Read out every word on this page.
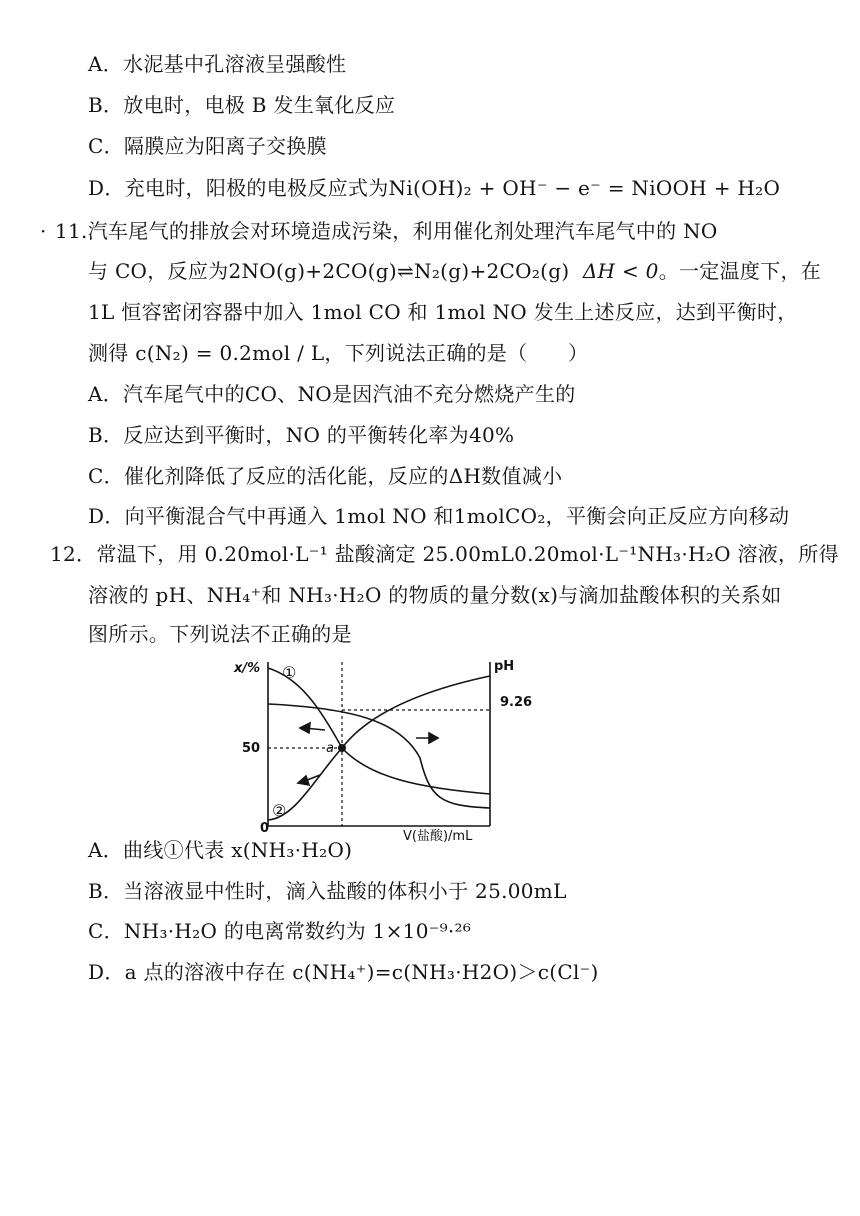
A．水泥基中孔溶液呈强酸性
B．放电时，电极 B 发生氧化反应
C．隔膜应为阳离子交换膜
D．充电时，阳极的电极反应式为Ni(OH)₂ + OH⁻ − e⁻ = NiOOH + H₂O
· 11.汽车尾气的排放会对环境造成污染，利用催化剂处理汽车尾气中的 NO
与 CO，反应为2NO(g)+2CO(g)⇌N₂(g)+2CO₂(g) ΔH < 0。一定温度下，在
1L 恒容密闭容器中加入 1mol CO 和 1mol NO 发生上述反应，达到平衡时，
测得 c(N₂) = 0.2mol / L，下列说法正确的是（　　）
A．汽车尾气中的CO、NO是因汽油不充分燃烧产生的
B．反应达到平衡时，NO 的平衡转化率为40%
C．催化剂降低了反应的活化能，反应的ΔH数值减小
D．向平衡混合气中再通入 1mol NO 和1molCO₂，平衡会向正反应方向移动
12．常温下，用 0.20mol·L⁻¹ 盐酸滴定 25.00mL0.20mol·L⁻¹NH₃·H₂O 溶液，所得
溶液的 pH、NH₄⁺和 NH₃·H₂O 的物质的量分数(x)与滴加盐酸体积的关系如
图所示。下列说法不正确的是
a
x/%	pH
50
9.26
0
V(盐酸)/mL
①
②
A．曲线①代表 x(NH₃·H₂O)
B．当溶液显中性时，滴入盐酸的体积小于 25.00mL
C．NH₃·H₂O 的电离常数约为 1×10⁻⁹·²⁶
D．a 点的溶液中存在 c(NH₄⁺)=c(NH₃·H2O)＞c(Cl⁻)
